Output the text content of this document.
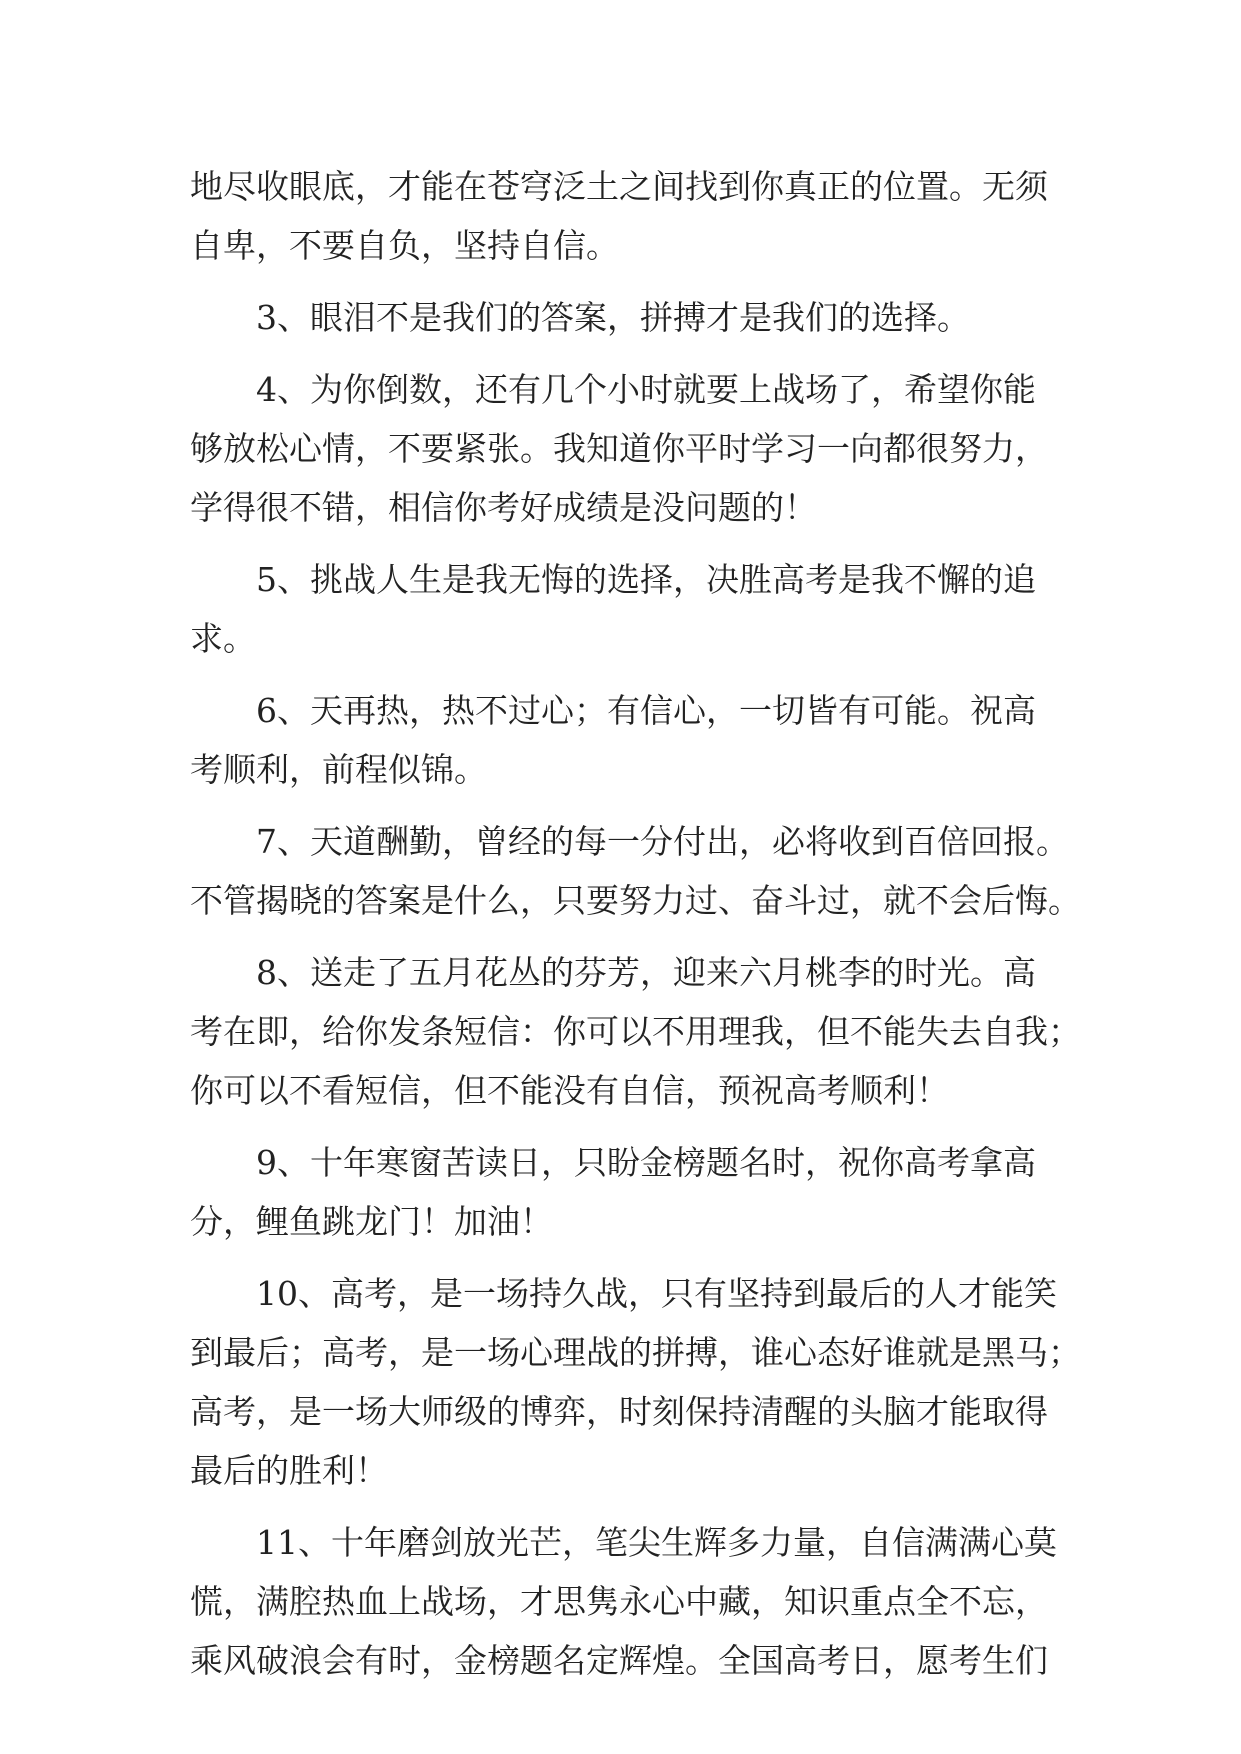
地尽收眼底，才能在苍穹泛土之间找到你真正的位置。无须
自卑，不要自负，坚持自信。
3、眼泪不是我们的答案，拼搏才是我们的选择。
4、为你倒数，还有几个小时就要上战场了，希望你能
够放松心情，不要紧张。我知道你平时学习一向都很努力，
学得很不错，相信你考好成绩是没问题的！
5、挑战人生是我无悔的选择，决胜高考是我不懈的追
求。
6、天再热，热不过心；有信心，一切皆有可能。祝高
考顺利，前程似锦。
7、天道酬勤，曾经的每一分付出，必将收到百倍回报。
不管揭晓的答案是什么，只要努力过、奋斗过，就不会后悔。
8、送走了五月花丛的芬芳，迎来六月桃李的时光。高
考在即，给你发条短信：你可以不用理我，但不能失去自我；
你可以不看短信，但不能没有自信，预祝高考顺利！
9、十年寒窗苦读日，只盼金榜题名时，祝你高考拿高
分，鲤鱼跳龙门！加油！
10、高考，是一场持久战，只有坚持到最后的人才能笑
到最后；高考，是一场心理战的拼搏，谁心态好谁就是黑马；
高考，是一场大师级的博弈，时刻保持清醒的头脑才能取得
最后的胜利！
11、十年磨剑放光芒，笔尖生辉多力量，自信满满心莫
慌，满腔热血上战场，才思隽永心中藏，知识重点全不忘，
乘风破浪会有时，金榜题名定辉煌。全国高考日，愿考生们
